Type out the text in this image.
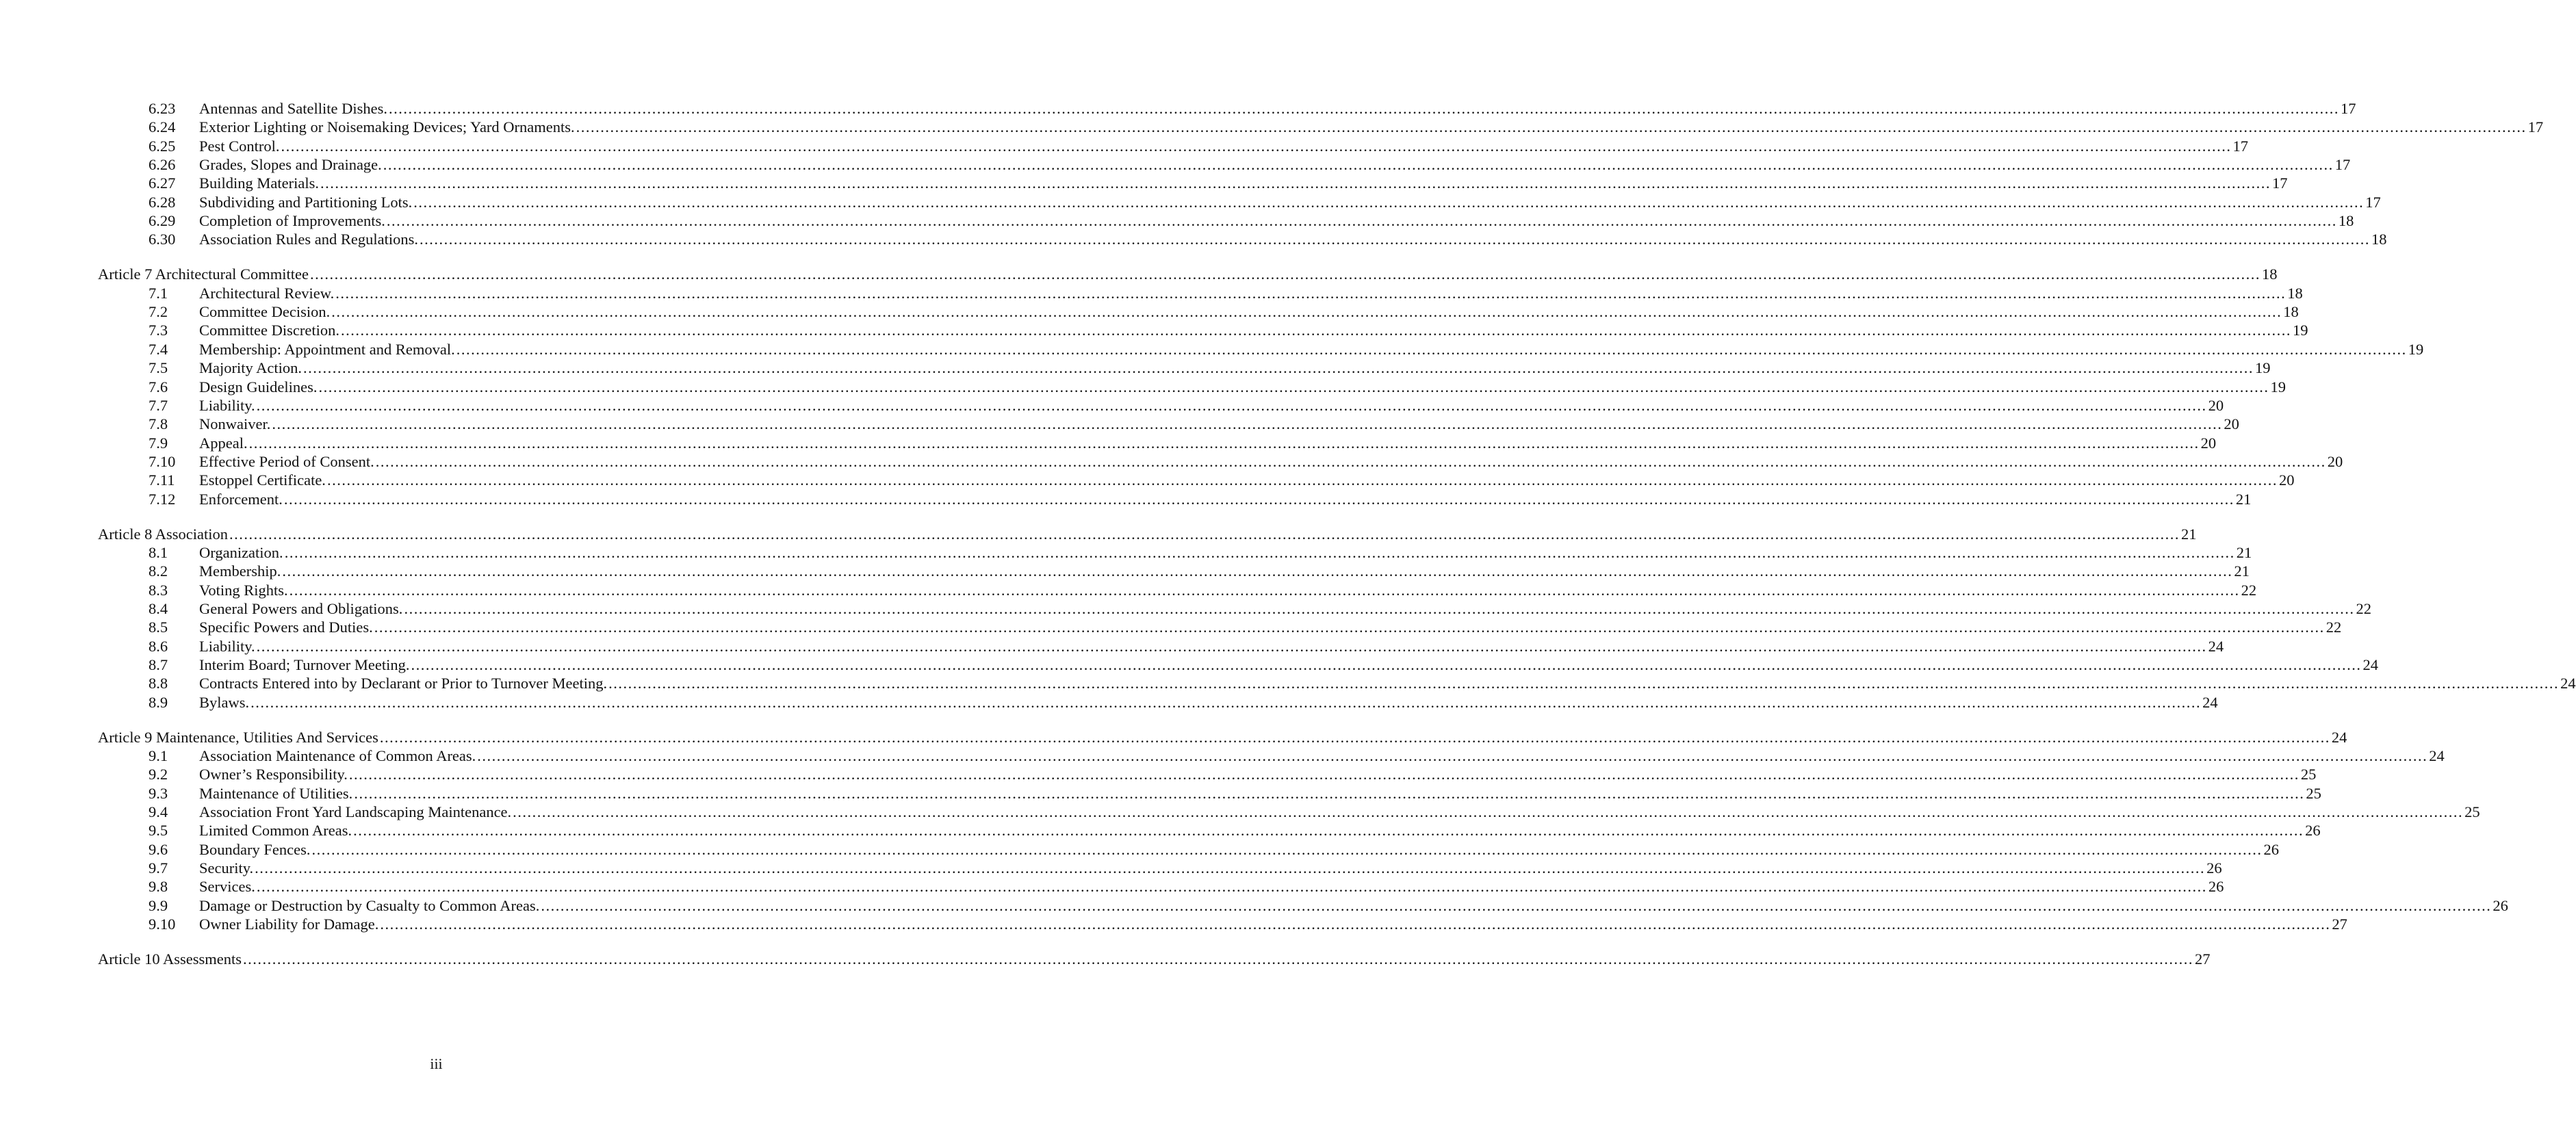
6.23 Antennas and Satellite Dishes. ................................................................................................................................................................................................................................................................................................................................................................................................................ 17
6.24 Exterior Lighting or Noisemaking Devices; Yard Ornaments. ................................................................................................................................................................................................................................................................................................................................................................................................................ 17
6.25 Pest Control. ................................................................................................................................................................................................................................................................................................................................................................................................................ 17
6.26 Grades, Slopes and Drainage. ................................................................................................................................................................................................................................................................................................................................................................................................................ 17
6.27 Building Materials. ................................................................................................................................................................................................................................................................................................................................................................................................................ 17
6.28 Subdividing and Partitioning Lots. ................................................................................................................................................................................................................................................................................................................................................................................................................ 17
6.29 Completion of Improvements. ................................................................................................................................................................................................................................................................................................................................................................................................................ 18
6.30 Association Rules and Regulations. ................................................................................................................................................................................................................................................................................................................................................................................................................ 18
Article 7 Architectural Committee ................................................................................................................................................................................................................................................................................................................................................................................................................ 18
7.1 Architectural Review. ................................................................................................................................................................................................................................................................................................................................................................................................................ 18
7.2 Committee Decision. ................................................................................................................................................................................................................................................................................................................................................................................................................ 18
7.3 Committee Discretion. ................................................................................................................................................................................................................................................................................................................................................................................................................ 19
7.4 Membership: Appointment and Removal. ................................................................................................................................................................................................................................................................................................................................................................................................................ 19
7.5 Majority Action. ................................................................................................................................................................................................................................................................................................................................................................................................................ 19
7.6 Design Guidelines. ................................................................................................................................................................................................................................................................................................................................................................................................................ 19
7.7 Liability. ................................................................................................................................................................................................................................................................................................................................................................................................................ 20
7.8 Nonwaiver. ................................................................................................................................................................................................................................................................................................................................................................................................................ 20
7.9 Appeal. ................................................................................................................................................................................................................................................................................................................................................................................................................ 20
7.10 Effective Period of Consent. ................................................................................................................................................................................................................................................................................................................................................................................................................ 20
7.11 Estoppel Certificate. ................................................................................................................................................................................................................................................................................................................................................................................................................ 20
7.12 Enforcement. ................................................................................................................................................................................................................................................................................................................................................................................................................ 21
Article 8 Association ................................................................................................................................................................................................................................................................................................................................................................................................................ 21
8.1 Organization. ................................................................................................................................................................................................................................................................................................................................................................................................................ 21
8.2 Membership. ................................................................................................................................................................................................................................................................................................................................................................................................................ 21
8.3 Voting Rights. ................................................................................................................................................................................................................................................................................................................................................................................................................ 22
8.4 General Powers and Obligations. ................................................................................................................................................................................................................................................................................................................................................................................................................ 22
8.5 Specific Powers and Duties. ................................................................................................................................................................................................................................................................................................................................................................................................................ 22
8.6 Liability. ................................................................................................................................................................................................................................................................................................................................................................................................................ 24
8.7 Interim Board; Turnover Meeting. ................................................................................................................................................................................................................................................................................................................................................................................................................ 24
8.8 Contracts Entered into by Declarant or Prior to Turnover Meeting. ................................................................................................................................................................................................................................................................................................................................................................................................................ 24
8.9 Bylaws. ................................................................................................................................................................................................................................................................................................................................................................................................................ 24
Article 9 Maintenance, Utilities And Services ................................................................................................................................................................................................................................................................................................................................................................................................................ 24
9.1 Association Maintenance of Common Areas. ................................................................................................................................................................................................................................................................................................................................................................................................................ 24
9.2 Owner’s Responsibility. ................................................................................................................................................................................................................................................................................................................................................................................................................ 25
9.3 Maintenance of Utilities. ................................................................................................................................................................................................................................................................................................................................................................................................................ 25
9.4 Association Front Yard Landscaping Maintenance. ................................................................................................................................................................................................................................................................................................................................................................................................................ 25
9.5 Limited Common Areas. ................................................................................................................................................................................................................................................................................................................................................................................................................ 26
9.6 Boundary Fences. ................................................................................................................................................................................................................................................................................................................................................................................................................ 26
9.7 Security. ................................................................................................................................................................................................................................................................................................................................................................................................................ 26
9.8 Services. ................................................................................................................................................................................................................................................................................................................................................................................................................ 26
9.9 Damage or Destruction by Casualty to Common Areas. ................................................................................................................................................................................................................................................................................................................................................................................................................ 26
9.10 Owner Liability for Damage. ................................................................................................................................................................................................................................................................................................................................................................................................................ 27
Article 10 Assessments ................................................................................................................................................................................................................................................................................................................................................................................................................ 27
iii
